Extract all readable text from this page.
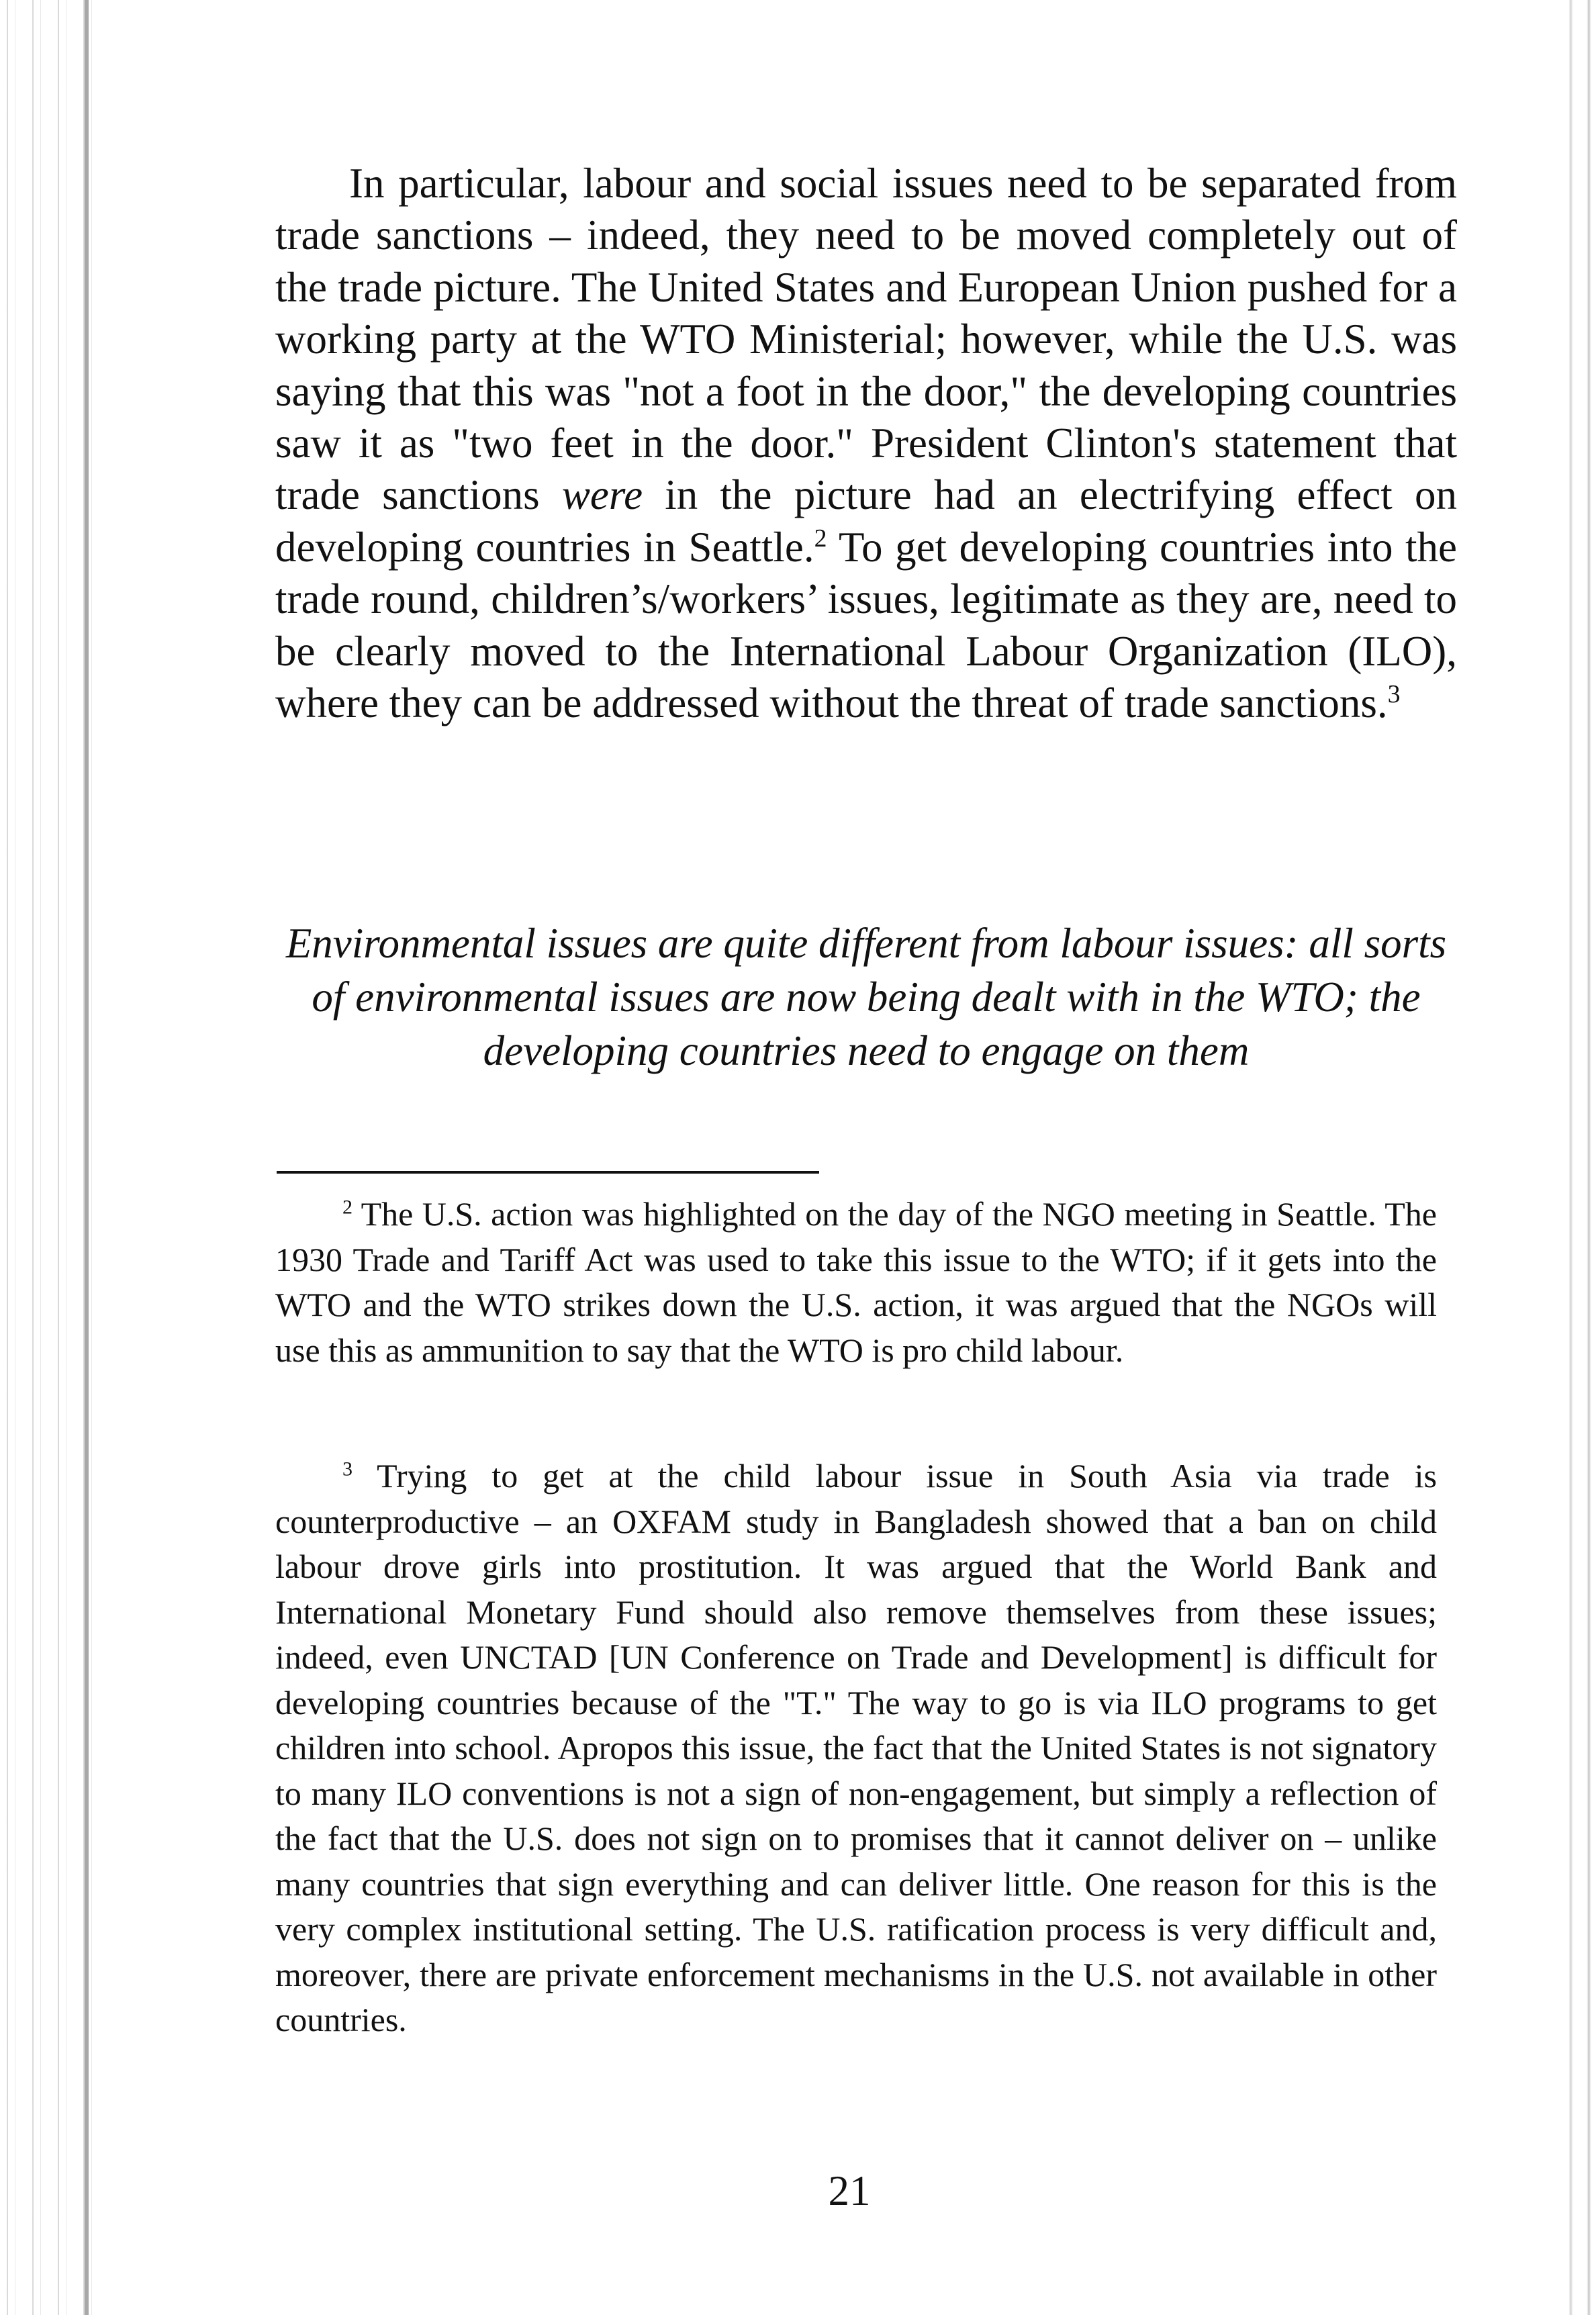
In particular, labour and social issues need to be separated from trade sanctions – indeed, they need to be moved completely out of the trade picture. The United States and European Union pushed for a working party at the WTO Ministerial; however, while the U.S. was saying that this was "not a foot in the door," the developing countries saw it as "two feet in the door." President Clinton's statement that trade sanctions were in the picture had an electrifying effect on developing countries in Seattle.$^2$ To get developing countries into the trade round, children’s/workers’ issues, legitimate as they are, need to be clearly moved to the International Labour Organization (ILO), where they can be addressed without the threat of trade sanctions.$^3$

Environmental issues are quite different from labour issues: all sorts of environmental issues are now being dealt with in the WTO; the developing countries need to engage on them

$^2$ The U.S. action was highlighted on the day of the NGO meeting in Seattle. The 1930 Trade and Tariff Act was used to take this issue to the WTO; if it gets into the WTO and the WTO strikes down the U.S. action, it was argued that the NGOs will use this as ammunition to say that the WTO is pro child labour.

$^3$ Trying to get at the child labour issue in South Asia via trade is counterproductive – an OXFAM study in Bangladesh showed that a ban on child labour drove girls into prostitution. It was argued that the World Bank and International Monetary Fund should also remove themselves from these issues; indeed, even UNCTAD [UN Conference on Trade and Development] is difficult for developing countries because of the "T." The way to go is via ILO programs to get children into school. Apropos this issue, the fact that the United States is not signatory to many ILO conventions is not a sign of non-engagement, but simply a reflection of the fact that the U.S. does not sign on to promises that it cannot deliver on – unlike many countries that sign everything and can deliver little. One reason for this is the very complex institutional setting. The U.S. ratification process is very difficult and, moreover, there are private enforcement mechanisms in the U.S. not available in other countries.

21
